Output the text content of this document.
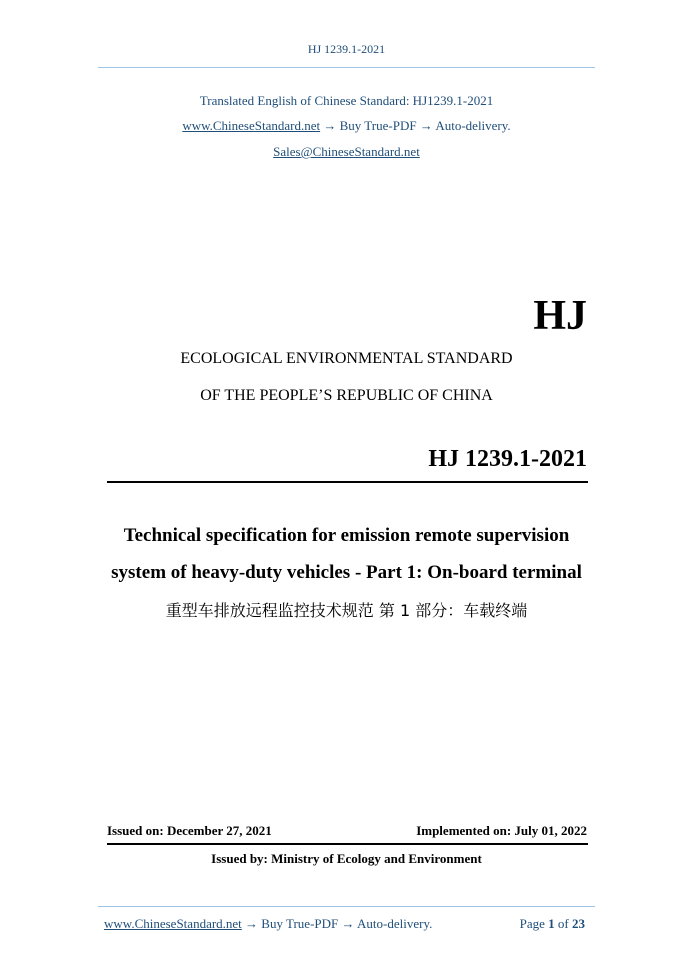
HJ 1239.1-2021
Translated English of Chinese Standard: HJ1239.1-2021
www.ChineseStandard.net → Buy True-PDF → Auto-delivery.
Sales@ChineseStandard.net
HJ
ECOLOGICAL ENVIRONMENTAL STANDARD
OF THE PEOPLE’S REPUBLIC OF CHINA
HJ 1239.1-2021
Technical specification for emission remote supervision
system of heavy-duty vehicles - Part 1: On-board terminal
重型车排放远程监控技术规范 第 1 部分：车载终端
Issued on: December 27, 2021	Implemented on: July 01, 2022
Issued by: Ministry of Ecology and Environment
www.ChineseStandard.net → Buy True-PDF → Auto-delivery.	Page 1 of 23
